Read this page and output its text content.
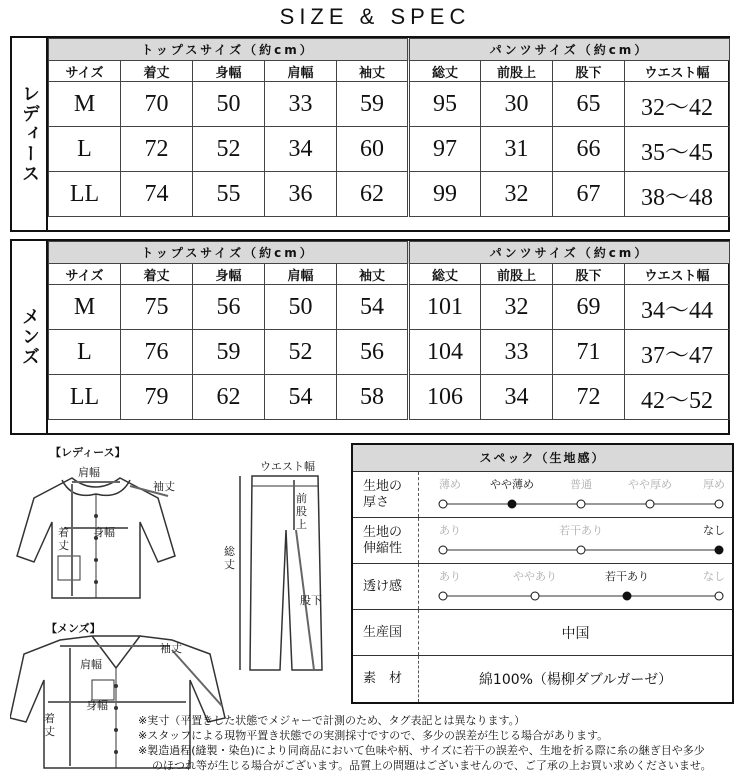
SIZE & SPEC
レディース
トップスサイズ（約cm）					パンツサイズ（約cm）			
サイズ	着丈	身幅	肩幅	袖丈	総丈	前股上	股下	ウエスト幅
M	70	50	33	59	95	30	65	32〜42
L	72	52	34	60	97	31	66	35〜45
LL	74	55	36	62	99	32	67	38〜48
メンズ
トップスサイズ（約cm）					パンツサイズ（約cm）			
サイズ	着丈	身幅	肩幅	袖丈	総丈	前股上	股下	ウエスト幅
M	75	56	50	54	101	32	69	34〜44
L	76	59	52	56	104	33	71	37〜47
LL	79	62	54	58	106	34	72	42〜52
【レディース】
肩幅
袖丈
身幅
着丈
【メンズ】
肩幅
袖丈
身幅
着丈
ウエスト幅
総丈
前股上
股下
スペック（生地感）
生地の厚さ
薄め	やや薄め	普通	やや厚め	厚め
生地の伸縮性
あり	若干あり	なし
透け感
あり	ややあり	若干あり	なし
生産国	中国
素　材	綿100%（楊柳ダブルガーゼ）
※実寸（平置きした状態でメジャーで計測のため、タグ表記とは異なります。）
※スタッフによる現物平置き状態での実測採寸ですので、多少の誤差が生じる場合があります。
※製造過程(縫製・染色)により同商品において色味や柄、サイズに若干の誤差や、生地を折る際に糸の継ぎ目や多少
のほつれ等が生じる場合がございます。品質上の問題はございませんので、ご了承の上お買い求めくださいませ。
